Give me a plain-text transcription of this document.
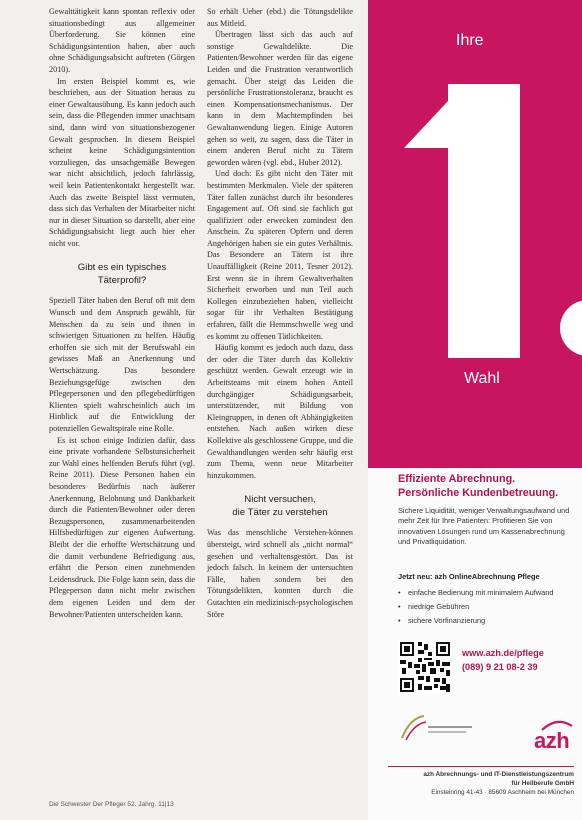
Gewalttätigkeit kann spontan reflexiv oder situationsbedingt aus allgemeiner Überforderung. Sie können eine Schädigungsintention haben, aber auch ohne Schädigungsabsicht auftreten (Görgen 2010).

Im ersten Beispiel kommt es, wie beschrieben, aus der Situation heraus zu einer Gewaltausübung. Es kann jedoch auch sein, dass die Pflegenden immer unachtsam sind, dann wird von situationsbezogener Gewalt gesprochen. In diesem Beispiel scheint keine Schädigungsintention vorzuliegen, das unsachgemäße Bewegen war nicht absichtlich, jedoch fahrlässig, weil kein Patientenkontakt hergestellt war. Auch das zweite Beispiel lässt vermuten, dass sich das Verhalten der Mitarbeiter nicht nur in dieser Situation so darstellt, aber eine Schädigungsabsicht liegt auch hier eher nicht vor.

Gibt es ein typisches
Täterprofil?

Speziell Täter haben den Beruf oft mit dem Wunsch und dem Anspruch gewählt, für Menschen da zu sein und ihnen in schwierigen Situationen zu helfen. Häufig erhoffen sie sich mit der Berufswahl ein gewisses Maß an Anerkennung und Wertschätzung. Das besondere Beziehungsgefüge zwischen den Pflegepersonen und den pflegebedürftigen Klienten spielt wahrscheinlich auch im Hinblick auf die Entwicklung der potenziellen Gewaltspirale eine Rolle.

Es ist schon einige Indizien dafür, dass eine private vorhandene Selbstunsicherheit zur Wahl eines helfenden Berufs führt (vgl. Reine 2011). Diese Personen haben ein besonderes Bedürfnis nach äußerer Anerkennung, Belohnung und Dankbarkeit durch die Patienten/Bewohner oder deren Bezugspersonen, zusammenarbeitenden Hilfsbedürftigen zur eigenen Aufwertung. Bleibt der die erhoffte Wertschätzung und die damit verbundene Befriedigung aus, erfährt die Person einen zunehmenden Leidensdruck. Die Folge kann sein, dass die Pflegeperson dann nicht mehr zwischen dem eigenen Leiden und dem der Bewohner/Patienten unterscheiden kann.

So erhält Ueber (ebd.) die Tötungsdelikte aus Mitleid.

Übertragen lässt sich das auch auf sonstige Gewaltdelikte. Die Patienten/Bewohner werden für das eigene Leiden und die Frustration verantwortlich gemacht. Über steigt das Leiden die persönliche Frustrationstoleranz, braucht es einen Kompensationsmechanismus. Der kann in dem Machtempfinden bei Gewaltanwendung liegen. Einige Autoren gehen so weit, zu sagen, dass die Täter in einem anderen Beruf nicht zu Tätern geworden wären (vgl. ebd., Huber 2012).

Und doch: Es gibt nicht den Täter mit bestimmten Merkmalen. Viele der späteren Täter fallen zunächst durch ihr besonderes Engagement auf. Oft sind sie fachlich gut qualifiziert oder erwecken zumindest den Anschein. Zu späteren Opfern und deren Angehörigen haben sie ein gutes Verhältnis. Das Besondere an Tätern ist ihre Unauffälligkeit (Reine 2011, Tesner 2012). Erst wenn sie in ihrem Gewaltverhalten Sicherheit erworben und nun Teil auch Kollegen einzubeziehen haben, vielleicht sogar für ihr Verhalten Bestätigung erfahren, fällt die Hemmschwelle weg und es kommt zu offenen Tätlichkeiten.

Häufig kommt es jedoch auch dazu, dass der oder die Täter durch das Kollektiv geschützt werden. Gewalt erzeugt wie in Arbeitsteams mit einem hohen Anteil durchgängiger Schädigungsarbeit, unterstützender, mit Bildung von Kleingruppen, in denen oft Abhängigkeiten entstehen. Nach außen wirken diese Kollektive als geschlossene Gruppe, und die Gewalthandlungen werden sehr häufig erst zum Thema, wenn neue Mitarbeiter hinzukommen.

Nicht versuchen,
die Täter zu verstehen

Was das menschliche Verstehen-können übersteigt, wird schnell als „nicht normal“ gesehen und verhaltensgestört. Das ist jedoch falsch. In keinem der untersuchten Fälle, haben sondern bei den Tötungsdelikten, konnten durch die Gutachten ein medizinisch-psychologischen Störe

Die Schwester Der Pfleger 52. Jahrg. 11|13
Ihre
Wahl
Effiziente Abrechnung.
Persönliche Kundenbetreuung.
Sichere Liquidität, weniger Verwaltungsaufwand und mehr Zeit für Ihre Patienten: Profitieren Sie von innovativen Lösungen rund um Kassenabrechnung und Privatliquidation.
Jetzt neu: azh OnlineAbrechnung Pflege
• einfache Bedienung mit minimalem Aufwand
• niedrige Gebühren
• sichere Vorfinanzierung
www.azh.de/pflege
(089) 9 21 08-2 39
azh
azh Abrechnungs- und IT-Dienstleistungszentrum
für Heilberufe GmbH
Einsteinring 41-43 · 85609 Aschheim bei München
